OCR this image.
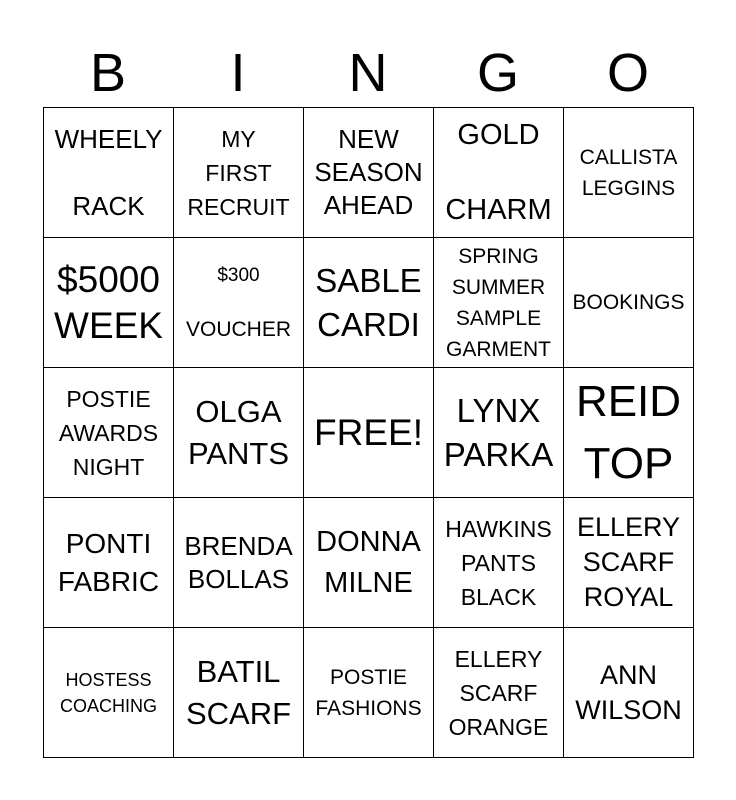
B	I	N	G	O
WHEELY
RACK	MY
FIRST
RECRUIT	NEW
SEASON
AHEAD	GOLD
CHARM	CALLISTA
LEGGINS

$5000
WEEK	$300
VOUCHER	SABLE
CARDI	SPRING
SUMMER
SAMPLE
GARMENT	BOOKINGS

POSTIE
AWARDS
NIGHT	OLGA
PANTS	FREE!	LYNX
PARKA	REID
TOP

PONTI
FABRIC	BRENDA
BOLLAS	DONNA
MILNE	HAWKINS
PANTS
BLACK	ELLERY
SCARF
ROYAL

HOSTESS
COACHING	BATIL
SCARF	POSTIE
FASHIONS	ELLERY
SCARF
ORANGE	ANN
WILSON
